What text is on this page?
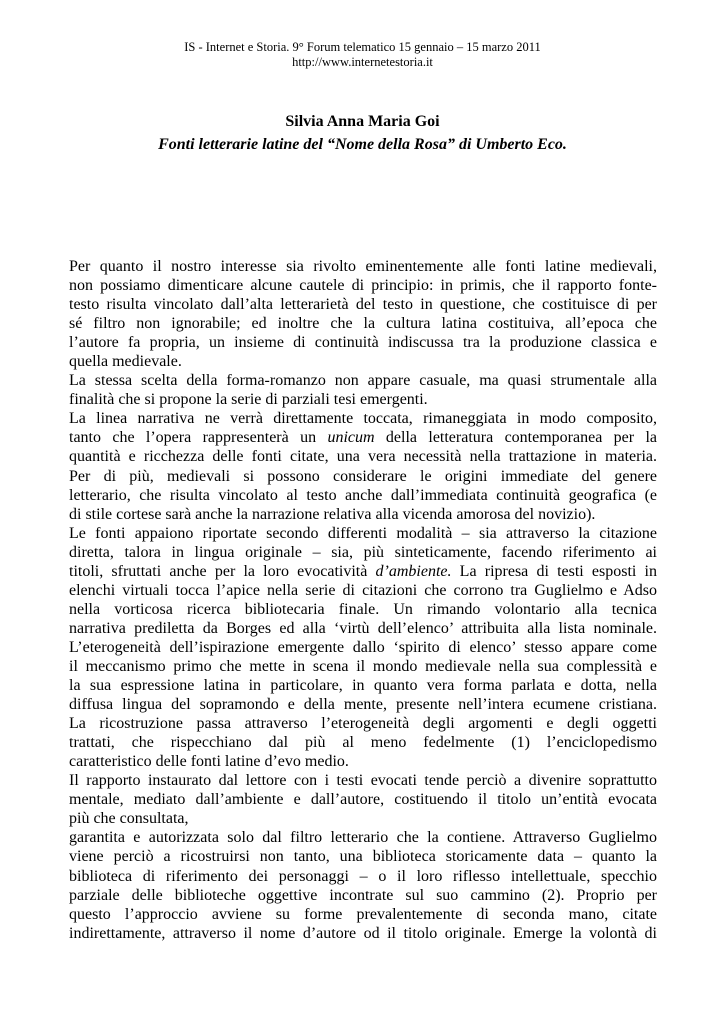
IS - Internet e Storia. 9° Forum telematico 15 gennaio – 15 marzo 2011
http://www.internetestoria.it
Silvia Anna Maria Goi
Fonti letterarie latine del “Nome della Rosa” di Umberto Eco.
Per quanto il nostro interesse sia rivolto eminentemente alle fonti latine medievali,
non possiamo dimenticare alcune cautele di principio: in primis, che il rapporto fonte-
testo risulta vincolato dall’alta letterarietà del testo in questione, che costituisce di per
sé filtro non ignorabile; ed inoltre che la cultura latina costituiva, all’epoca che
l’autore fa propria, un insieme di continuità indiscussa tra la produzione classica e
quella medievale.
La stessa scelta della forma-romanzo non appare casuale, ma quasi strumentale alla
finalità che si propone la serie di parziali tesi emergenti.
La linea narrativa ne verrà direttamente toccata, rimaneggiata in modo composito,
tanto che l’opera rappresenterà un unicum della letteratura contemporanea per la
quantità e ricchezza delle fonti citate, una vera necessità nella trattazione in materia.
Per di più, medievali si possono considerare le origini immediate del genere
letterario, che risulta vincolato al testo anche dall’immediata continuità geografica (e
di stile cortese sarà anche la narrazione relativa alla vicenda amorosa del novizio).
Le fonti appaiono riportate secondo differenti modalità – sia attraverso la citazione
diretta, talora in lingua originale – sia, più sinteticamente, facendo riferimento ai
titoli, sfruttati anche per la loro evocatività d’ambiente. La ripresa di testi esposti in
elenchi virtuali tocca l’apice nella serie di citazioni che corrono tra Guglielmo e Adso
nella vorticosa ricerca bibliotecaria finale. Un rimando volontario alla tecnica
narrativa prediletta da Borges ed alla ‘virtù dell’elenco’ attribuita alla lista nominale.
L’eterogeneità dell’ispirazione emergente dallo ‘spirito di elenco’ stesso appare come
il meccanismo primo che mette in scena il mondo medievale nella sua complessità e
la sua espressione latina in particolare, in quanto vera forma parlata e dotta, nella
diffusa lingua del sopramondo e della mente, presente nell’intera ecumene cristiana.
La ricostruzione passa attraverso l’eterogeneità degli argomenti e degli oggetti
trattati, che rispecchiano dal più al meno fedelmente (1) l’enciclopedismo
caratteristico delle fonti latine d’evo medio.
Il rapporto instaurato dal lettore con i testi evocati tende perciò a divenire soprattutto
mentale, mediato dall’ambiente e dall’autore, costituendo il titolo un’entità evocata
più che consultata,
garantita e autorizzata solo dal filtro letterario che la contiene. Attraverso Guglielmo
viene perciò a ricostruirsi non tanto, una biblioteca storicamente data – quanto la
biblioteca di riferimento dei personaggi – o il loro riflesso intellettuale, specchio
parziale delle biblioteche oggettive incontrate sul suo cammino (2). Proprio per
questo l’approccio avviene su forme prevalentemente di seconda mano, citate
indirettamente, attraverso il nome d’autore od il titolo originale. Emerge la volontà di
